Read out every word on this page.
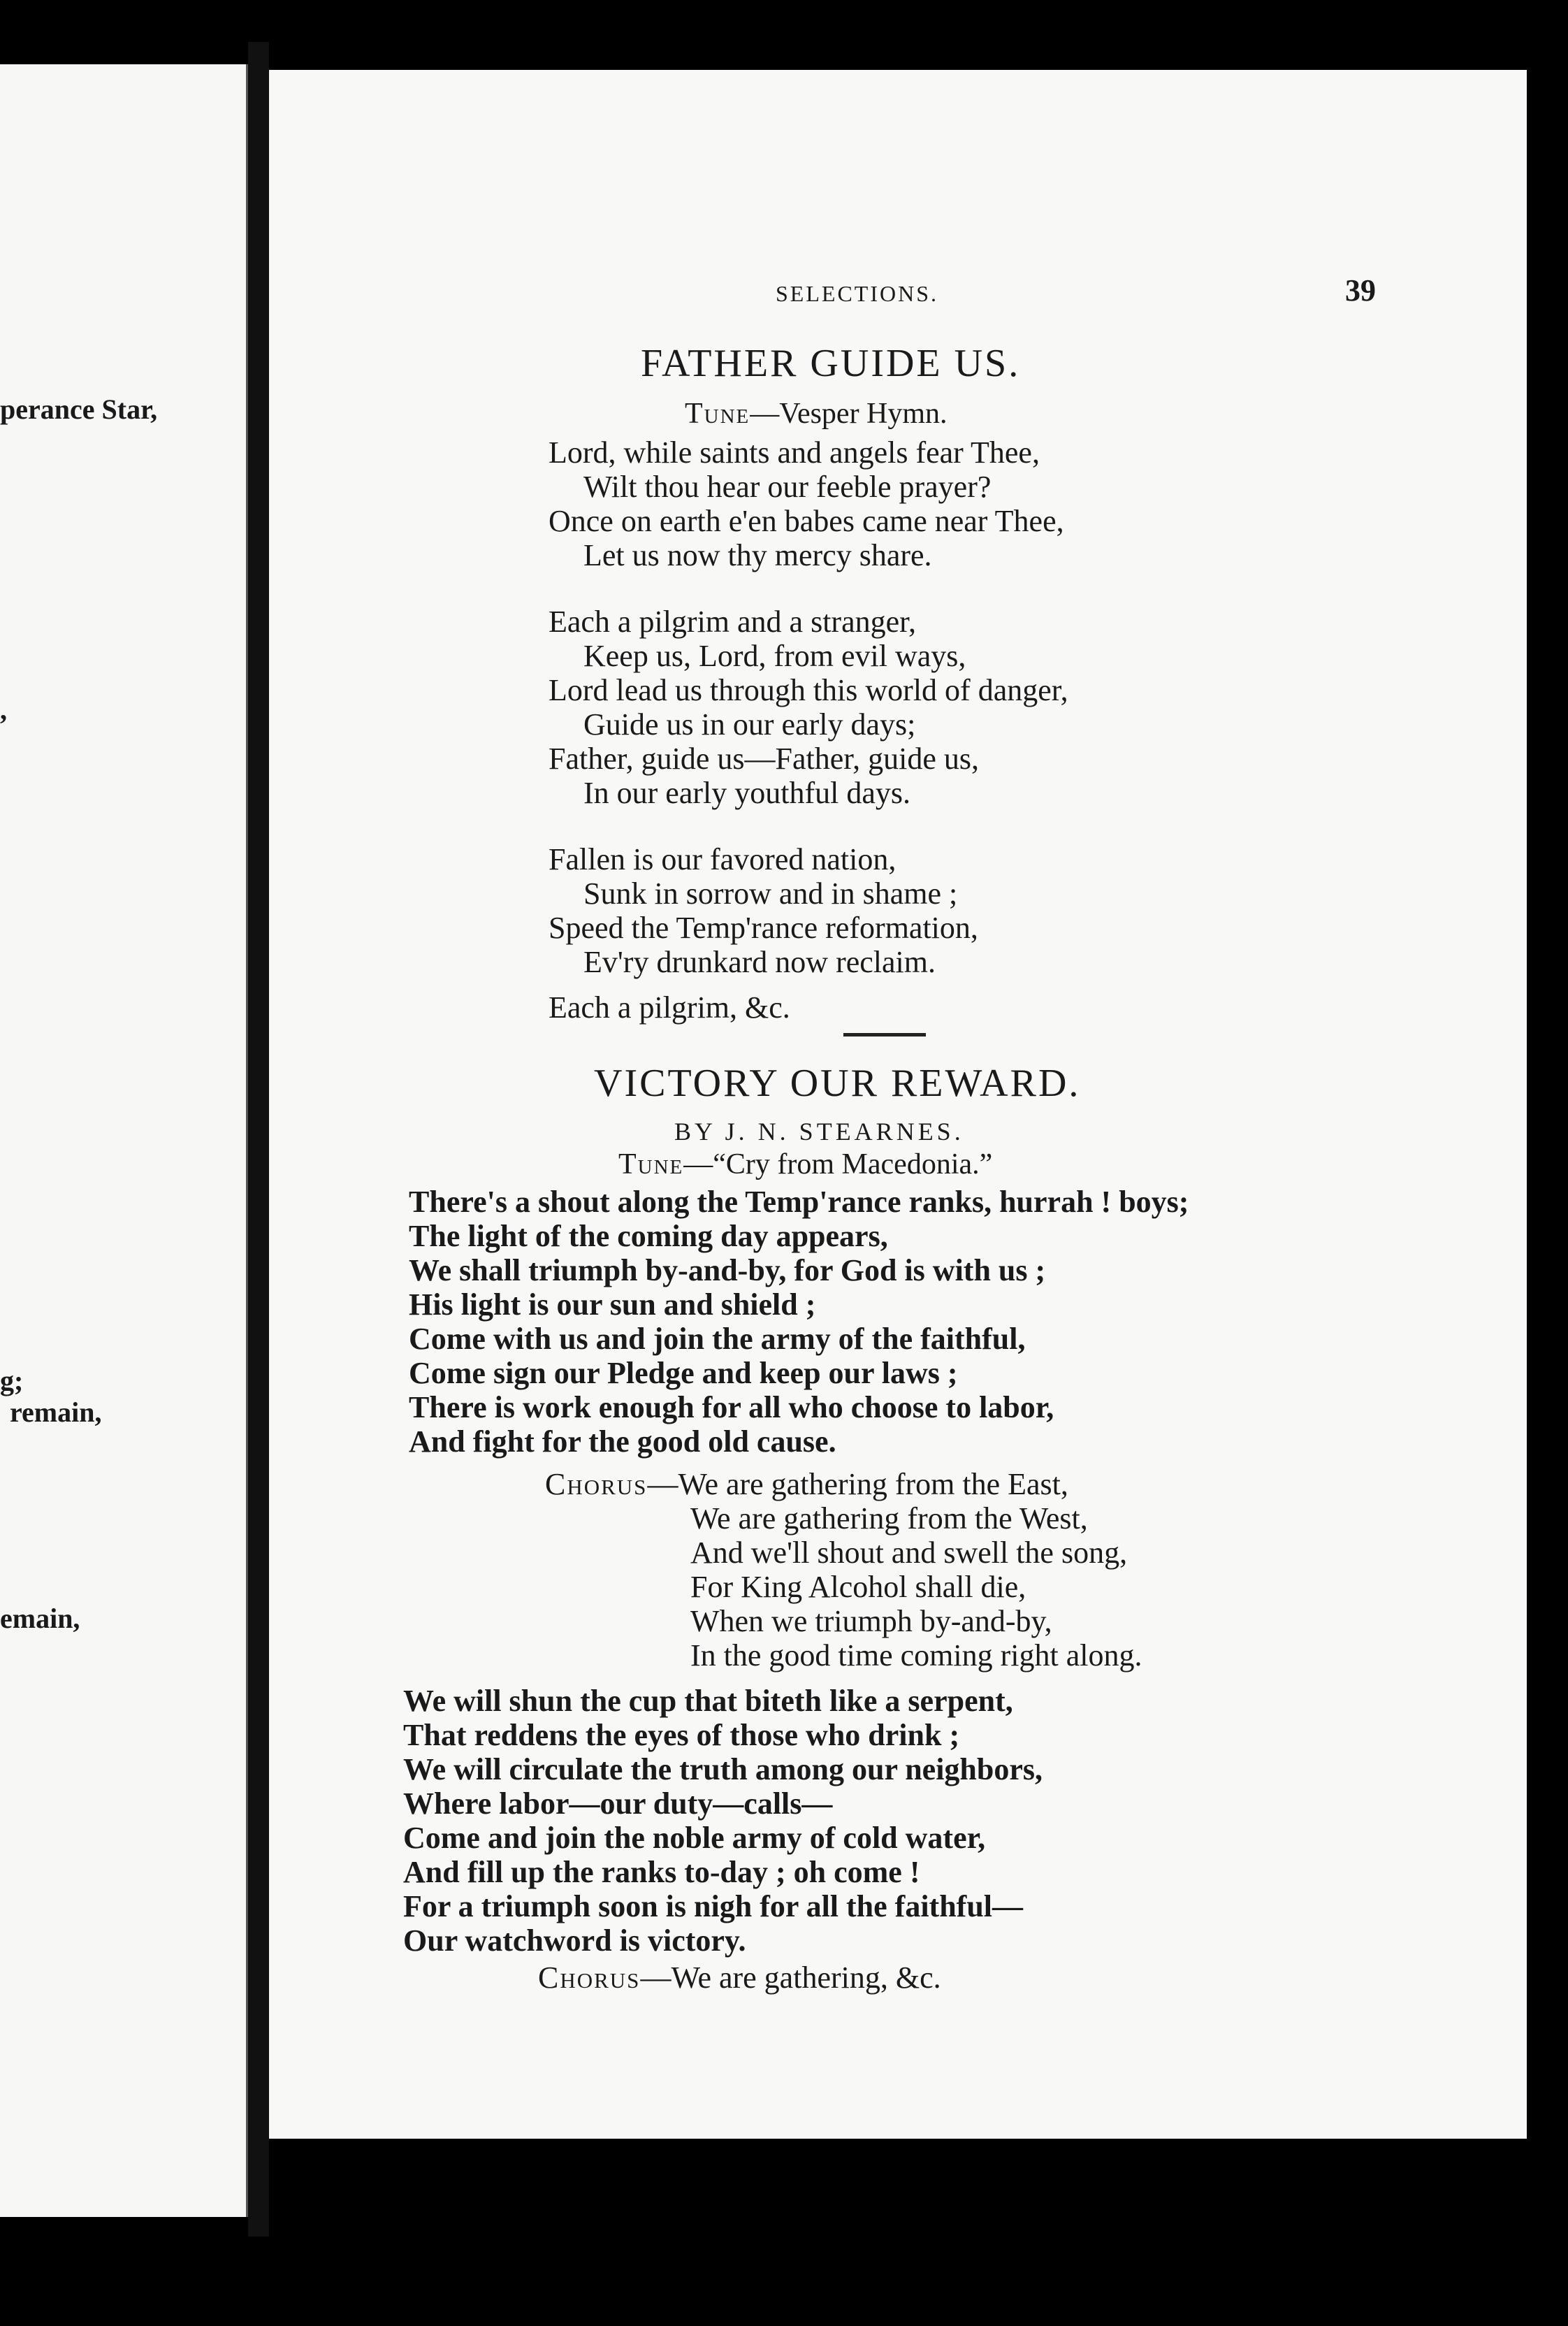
perance Star,
,
g;
remain,
emain,
SELECTIONS.	39
FATHER GUIDE US.
Tune—Vesper Hymn.
Lord, while saints and angels fear Thee,
Wilt thou hear our feeble prayer?
Once on earth e'en babes came near Thee,
Let us now thy mercy share.
Each a pilgrim and a stranger,
Keep us, Lord, from evil ways,
Lord lead us through this world of danger,
Guide us in our early days;
Father, guide us—Father, guide us,
In our early youthful days.
Fallen is our favored nation,
Sunk in sorrow and in shame ;
Speed the Temp'rance reformation,
Ev'ry drunkard now reclaim.
Each a pilgrim, &c.
VICTORY OUR REWARD.
BY J. N. STEARNES.
Tune—“Cry from Macedonia.”
There's a shout along the Temp'rance ranks, hurrah ! boys;
The light of the coming day appears,
We shall triumph by-and-by, for God is with us ;
His light is our sun and shield ;
Come with us and join the army of the faithful,
Come sign our Pledge and keep our laws ;
There is work enough for all who choose to labor,
And fight for the good old cause.
Chorus—We are gathering from the East,
We are gathering from the West,
And we'll shout and swell the song,
For King Alcohol shall die,
When we triumph by-and-by,
In the good time coming right along.
We will shun the cup that biteth like a serpent,
That reddens the eyes of those who drink ;
We will circulate the truth among our neighbors,
Where labor—our duty—calls—
Come and join the noble army of cold water,
And fill up the ranks to-day ; oh come !
For a triumph soon is nigh for all the faithful—
Our watchword is victory.
Chorus—We are gathering, &c.
